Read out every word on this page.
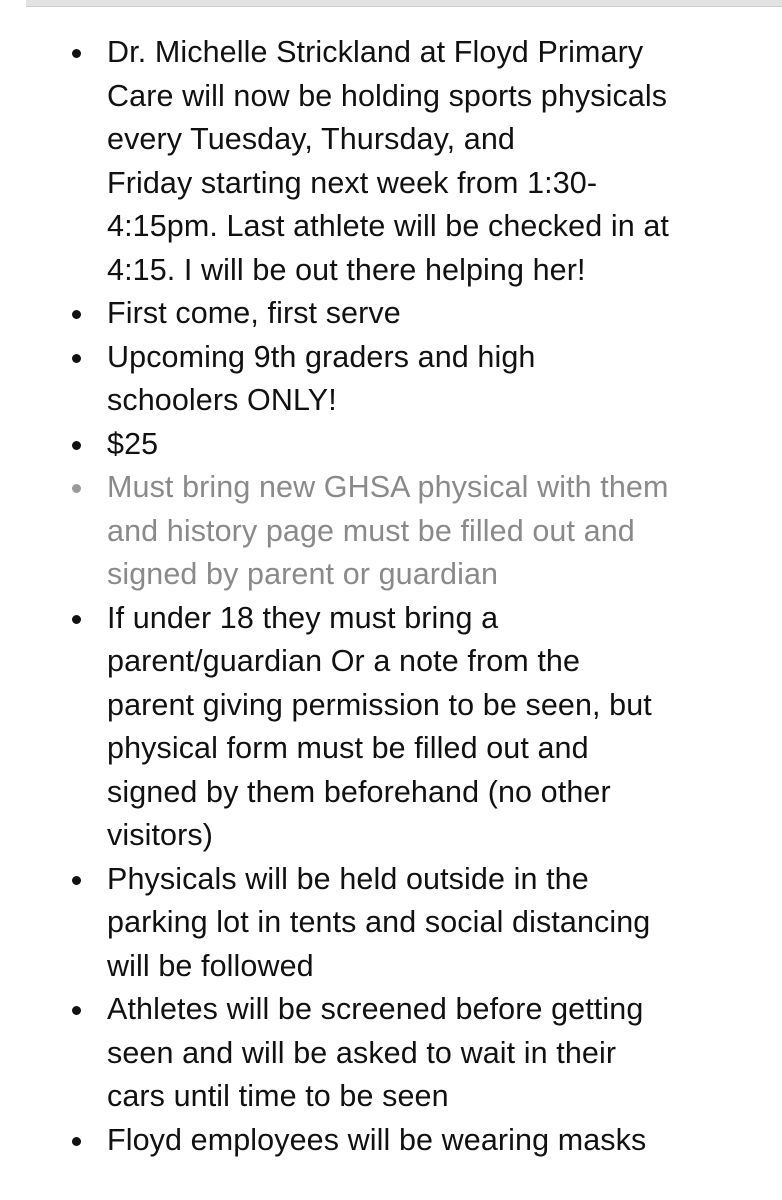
Dr. Michelle Strickland at Floyd Primary
Care will now be holding sports physicals
every Tuesday, Thursday, and
Friday starting next week from 1:30-
4:15pm. Last athlete will be checked in at
4:15. I will be out there helping her!
First come, first serve
Upcoming 9th graders and high
schoolers ONLY!
$25
Must bring new GHSA physical with them
and history page must be filled out and
signed by parent or guardian
If under 18 they must bring a
parent/guardian Or a note from the
parent giving permission to be seen, but
physical form must be filled out and
signed by them beforehand (no other
visitors)
Physicals will be held outside in the
parking lot in tents and social distancing
will be followed
Athletes will be screened before getting
seen and will be asked to wait in their
cars until time to be seen
Floyd employees will be wearing masks
